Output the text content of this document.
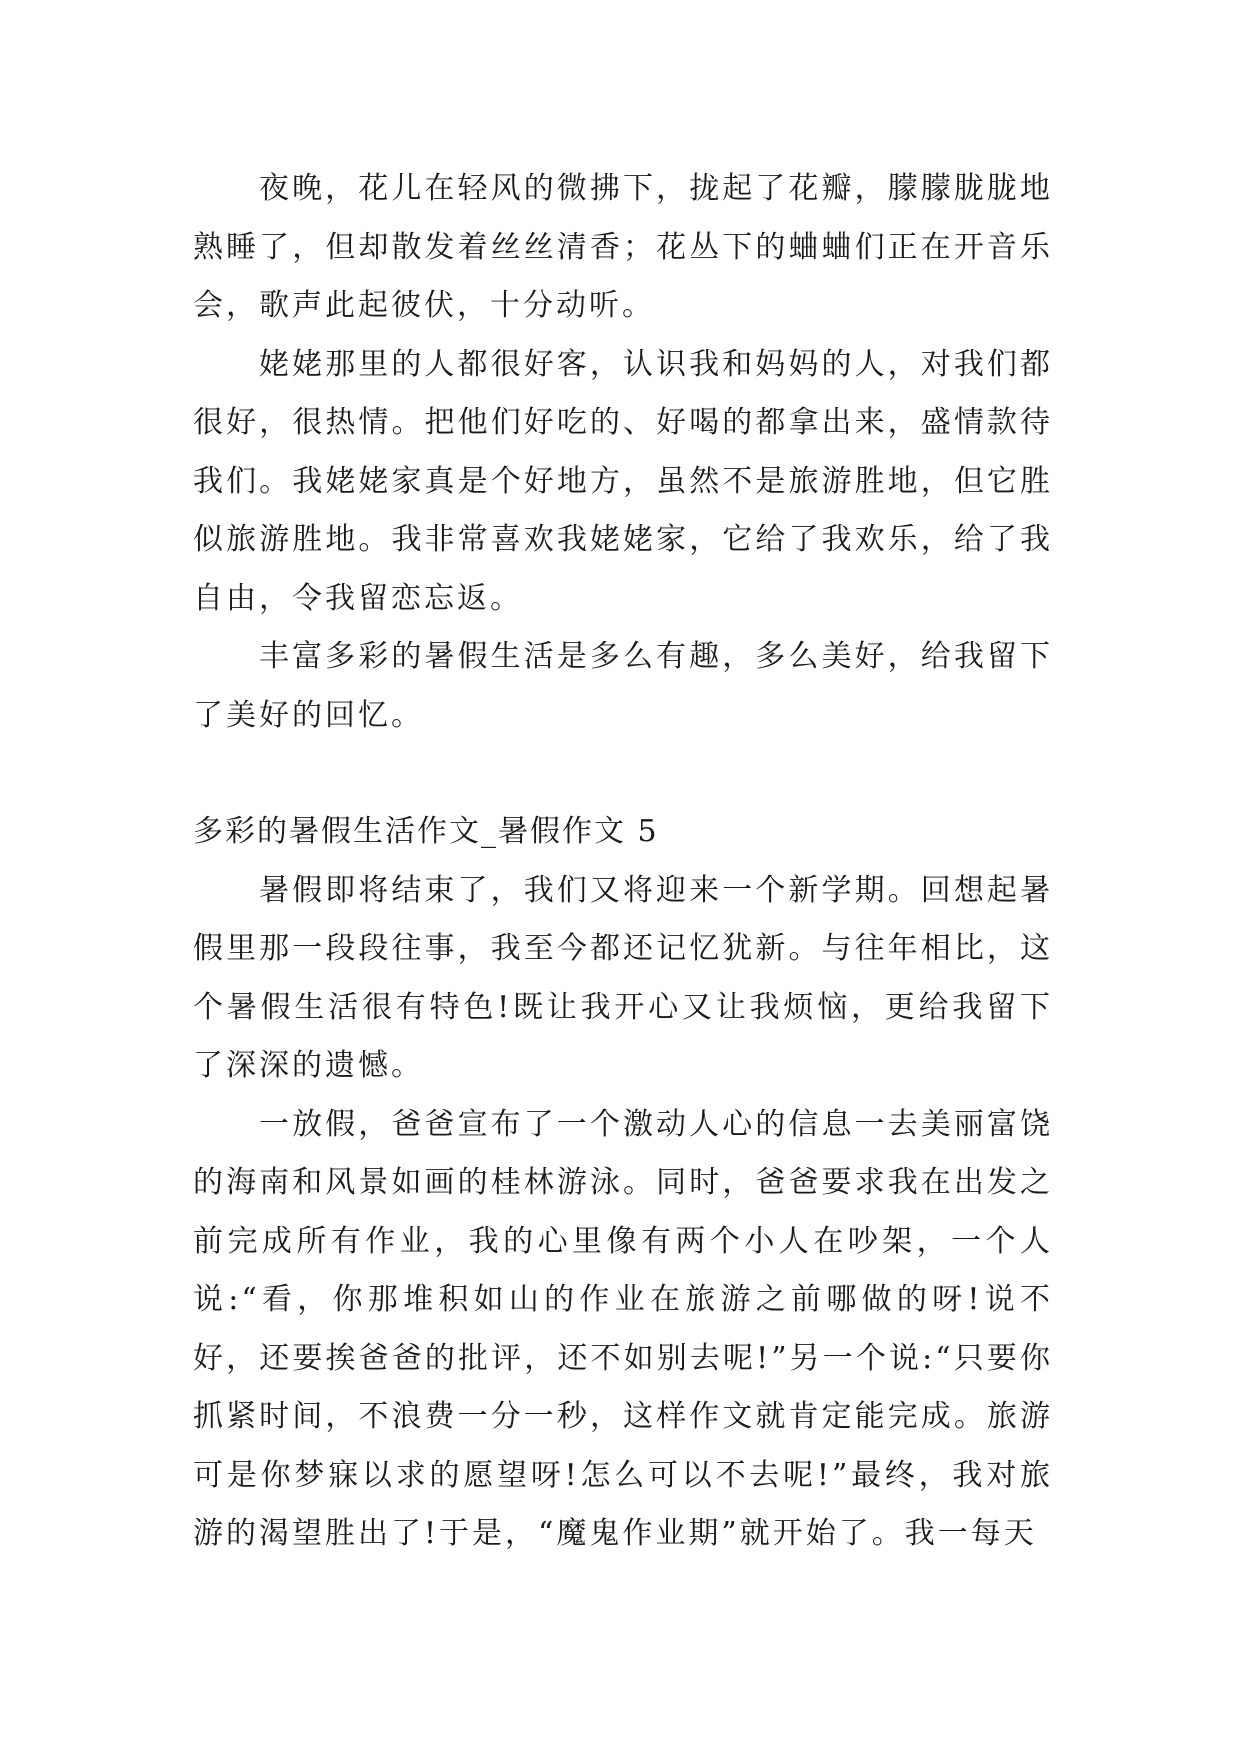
夜晚，花儿在轻风的微拂下，拢起了花瓣，朦朦胧胧地熟睡了，但却散发着丝丝清香；花丛下的蛐蛐们正在开音乐会，歌声此起彼伏，十分动听。

姥姥那里的人都很好客，认识我和妈妈的人，对我们都很好，很热情。把他们好吃的、好喝的都拿出来，盛情款待我们。我姥姥家真是个好地方，虽然不是旅游胜地，但它胜似旅游胜地。我非常喜欢我姥姥家，它给了我欢乐，给了我自由，令我留恋忘返。

丰富多彩的暑假生活是多么有趣，多么美好，给我留下了美好的回忆。

多彩的暑假生活作文_暑假作文 5

暑假即将结束了，我们又将迎来一个新学期。回想起暑假里那一段段往事，我至今都还记忆犹新。与往年相比，这个暑假生活很有特色!既让我开心又让我烦恼，更给我留下了深深的遗憾。

一放假，爸爸宣布了一个激动人心的信息一去美丽富饶的海南和风景如画的桂林游泳。同时，爸爸要求我在出发之前完成所有作业，我的心里像有两个小人在吵架，一个人说:“看，你那堆积如山的作业在旅游之前哪做的呀!说不好，还要挨爸爸的批评，还不如别去呢!”另一个说:“只要你抓紧时间，不浪费一分一秒，这样作文就肯定能完成。旅游可是你梦寐以求的愿望呀!怎么可以不去呢!”最终，我对旅游的渴望胜出了!于是，“魔鬼作业期”就开始了。我一每天
